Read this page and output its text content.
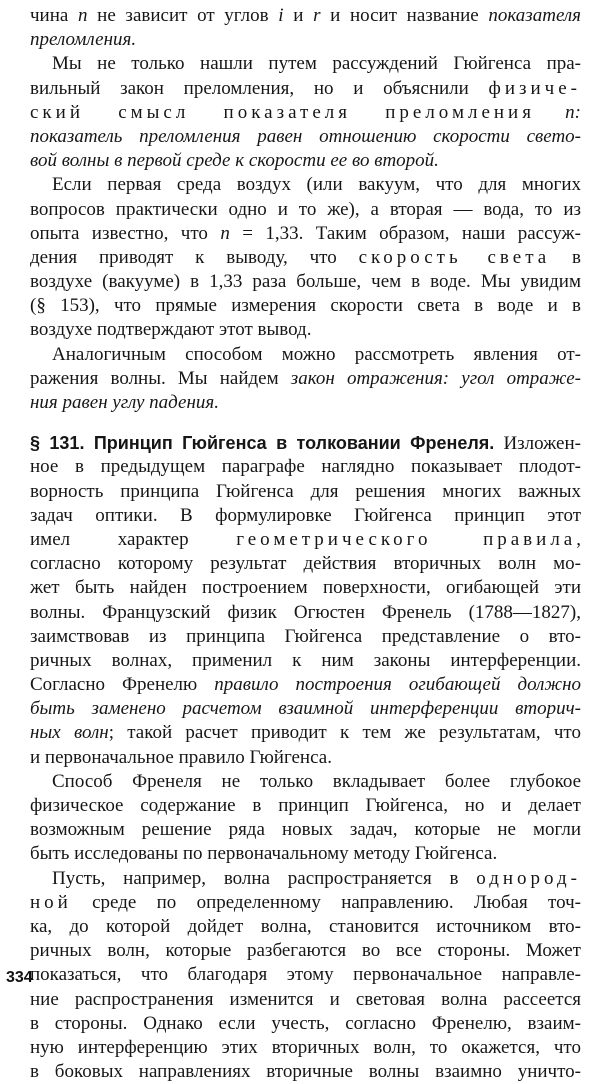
чина n не зависит от углов i и r и носит название показателя
преломления.
Мы не только нашли путем рассуждений Гюйгенса пра-
вильный закон преломления, но и объяснили физиче-
ский смысл показателя преломления n:
показатель преломления равен отношению скорости свето-
вой волны в первой среде к скорости ее во второй.
Если первая среда воздух (или вакуум, что для многих
вопросов практически одно и то же), а вторая — вода, то из
опыта известно, что n = 1,33. Таким образом, наши рассуж-
дения приводят к выводу, что скорость света в
воздухе (вакууме) в 1,33 раза больше, чем в воде. Мы увидим
(§ 153), что прямые измерения скорости света в воде и в
воздухе подтверждают этот вывод.
Аналогичным способом можно рассмотреть явления от-
ражения волны. Мы найдем закон отражения: угол отраже-
ния равен углу падения.
§ 131. Принцип Гюйгенса в толковании Френеля. Изложен-
ное в предыдущем параграфе наглядно показывает плодот-
ворность принципа Гюйгенса для решения многих важных
задач оптики. В формулировке Гюйгенса принцип этот
имел характер геометрического правила,
согласно которому результат действия вторичных волн мо-
жет быть найден построением поверхности, огибающей эти
волны. Французский физик Огюстен Френель (1788—1827),
заимствовав из принципа Гюйгенса представление о вто-
ричных волнах, применил к ним законы интерференции.
Согласно Френелю правило построения огибающей должно
быть заменено расчетом взаимной интерференции вторич-
ных волн; такой расчет приводит к тем же результатам, что
и первоначальное правило Гюйгенса.
Способ Френеля не только вкладывает более глубокое
физическое содержание в принцип Гюйгенса, но и делает
возможным решение ряда новых задач, которые не могли
быть исследованы по первоначальному методу Гюйгенса.
Пусть, например, волна распространяется в однород-
ной среде по определенному направлению. Любая точ-
ка, до которой дойдет волна, становится источником вто-
ричных волн, которые разбегаются во все стороны. Может
показаться, что благодаря этому первоначальное направле-
ние распространения изменится и световая волна рассеется
в стороны. Однако если учесть, согласно Френелю, взаим-
ную интерференцию этих вторичных волн, то окажется, что
в боковых направлениях вторичные волны взаимно уничто-
334
